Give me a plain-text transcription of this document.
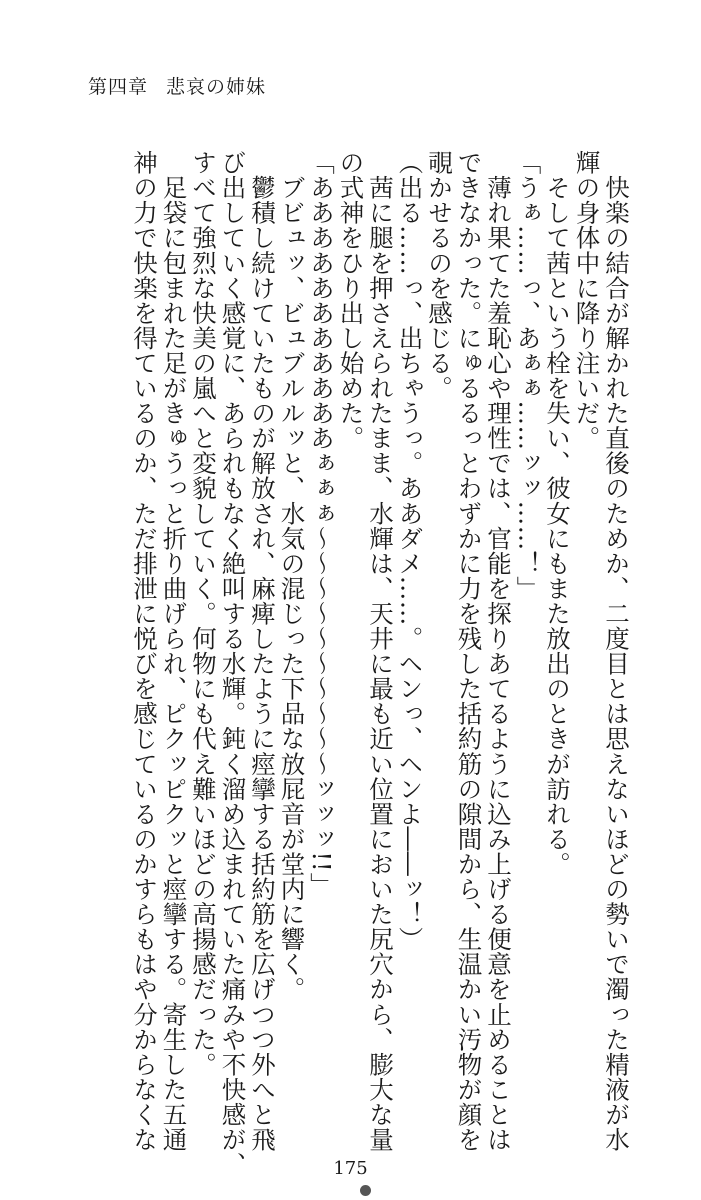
第四章 悲哀の姉妹

　快楽の結合が解かれた直後のためか、二度目とは思えないほどの勢いで濁った精液が水

輝の身体中に降り注いだ。

　そして茜という栓を失い、彼女にもまた放出のときが訪れる。

「うぁ……っ、あぁぁ……ッッ……！」

　薄れ果てた羞恥心や理性では、官能を探りあてるように込み上げる便意を止めることは

できなかった。にゅるるっとわずかに力を残した括約筋の隙間から、生温かい汚物が顔を

覗かせるのを感じる。

（出る……っ、出ちゃうっ。ああダメ……。ヘンっ、ヘンよ――ッ！）

　茜に腿を押さえられたまま、水輝は、天井に最も近い位置においた尻穴から、膨大な量

の式神をひり出し始めた。

「あああああああああああぁぁぁ～～～～～～～～～～ッッッ!!」

　ブビュッ、ビュブルルッと、水気の混じった下品な放屁音が堂内に響く。

　鬱積し続けていたものが解放され、麻痺したように痙攣する括約筋を広げつつ外へと飛

び出していく感覚に、あられもなく絶叫する水輝。鈍く溜め込まれていた痛みや不快感が、

すべて強烈な快美の嵐へと変貌していく。何物にも代え難いほどの高揚感だった。

　足袋に包まれた足がきゅうっと折り曲げられ、ピクッピクッと痙攣する。寄生した五通

神の力で快楽を得ているのか、ただ排泄に悦びを感じているのかすらもはや分からなくな

175
